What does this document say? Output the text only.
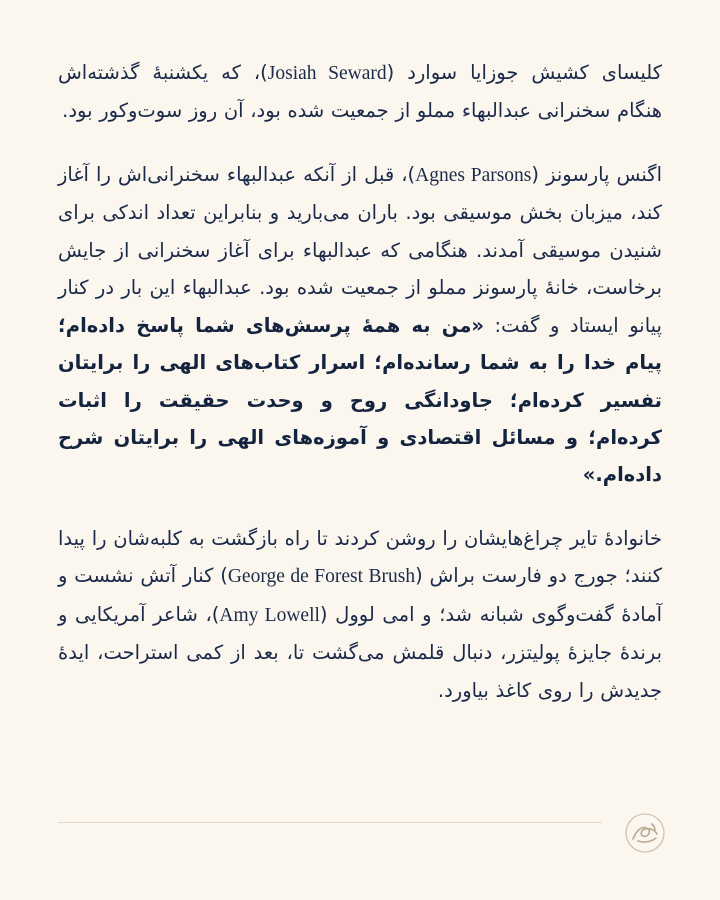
کلیسای کشیش جوزایا سوارد (Josiah Seward)، که یکشنبهٔ گذشته‌اش هنگام سخنرانی عبدالبهاء مملو از جمعیت شده بود، آن روز سوت‌وکور بود.

اگنس پارسونز (Agnes Parsons)، قبل از آنکه عبدالبهاء سخنرانی‌اش را آغاز کند، میزبان بخش موسیقی بود. باران می‌بارید و بنابراین تعداد اندکی برای شنیدن موسیقی آمدند. هنگامی که عبدالبهاء برای آغاز سخنرانی از جایش برخاست، خانهٔ پارسونز مملو از جمعیت شده بود. عبدالبهاء این بار در کنار پیانو ایستاد و گفت: «من به همهٔ پرسش‌های شما پاسخ داده‌ام؛ پیام خدا را به شما رسانده‌ام؛ اسرار کتاب‌های الهی را برایتان تفسیر کرده‌ام؛ جاودانگی روح و وحدت حقیقت را اثبات کرده‌ام؛ و مسائل اقتصادی و آموزه‌های الهی را برایتان شرح داده‌ام.»

خانوادهٔ تایر چراغ‌هایشان را روشن کردند تا راه بازگشت به کلبه‌شان را پیدا کنند؛ جورج دو فارست براش (George de Forest Brush) کنار آتش نشست و آمادهٔ گفت‌وگوی شبانه شد؛ و امی لوول (Amy Lowell)، شاعر آمریکایی و برندهٔ جایزهٔ پولیتزر، دنبال قلمش می‌گشت تا، بعد از کمی استراحت، ایدهٔ جدیدش را روی کاغذ بیاورد.
